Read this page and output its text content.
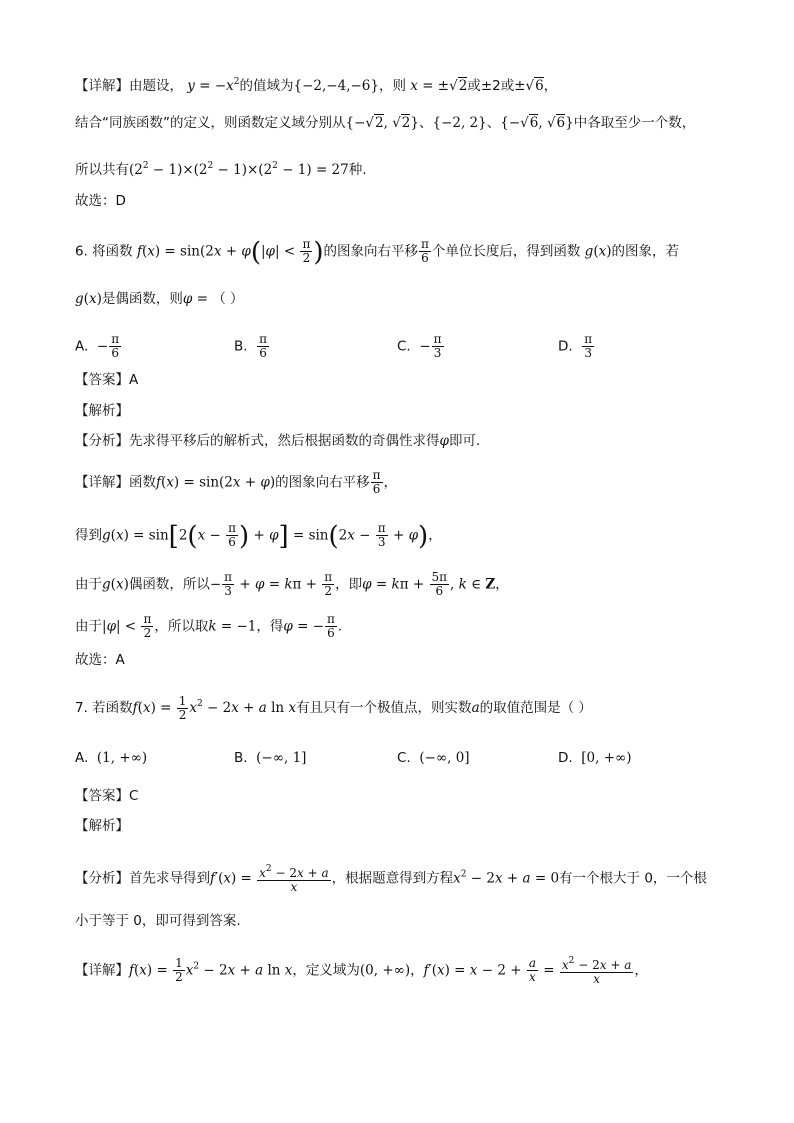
【详解】由题设， $y = -x^2$的值域为{−2,−4,−6}，则 x = ±√2或±2或±√6，
结合“同族函数”的定义，则函数定义域分别从{−√2, √2}、{−2, 2}、{−√6, √6}中各取至少一个数，
所以共有$(2^2 - 1)\times(2^2 - 1)\times(2^2 - 1) = 27$种.
故选：D
6. 将函数 $f(x) = \sin(2x + \varphi(|\varphi| < \frac{\pi}{2}$ )的图象向右平移 $\frac{\pi}{6}$ 个单位长度后，得到函数 g(x)的图象，若
g(x)是偶函数，则φ = （ ）
A. − $\frac{\pi}{6}$	B. $\frac{\pi}{6}$	C. − $\frac{\pi}{3}$	D. $\frac{\pi}{3}$
【答案】A
【解析】
【分析】先求得平移后的解析式，然后根据函数的奇偶性求得φ即可.
【详解】函数f(x) = sin(2x + φ)的图象向右平移 $\frac{\pi}{6}$ ，
得到$g(x) = \sin[2(x - \frac{\pi}{6}$ ) + $\varphi] = \sin(2x - \frac{\pi}{3} + \varphi)$，
由于g(x)偶函数，所以− $\frac{\pi}{3} + \varphi = k\pi + \frac{\pi}{2}$ ，即$\varphi = k\pi + \frac{5\pi}{6}$ , k ∈ Z，
由于$|\varphi| < \frac{\pi}{2}$ ，所以取k = −1，得φ = − $\frac{\pi}{6}$ .
故选：A
7. 若函数$f(x) = \frac{1}{2} x^2 - 2x + a$ ln x有且只有一个极值点，则实数a的取值范围是（ ）
A. (1, +∞)	B. (−∞, 1]	C. (−∞, 0]	D. [0, +∞)
【答案】C
【解析】
【分析】首先求导得到$f'(x) = \frac{x^2 - 2x + a}{x}$ ，根据题意得到方程$x^2 - 2x + a = 0$有一个根大于 0，一个根
小于等于 0，即可得到答案.
【详解】$f(x) = \frac{1}{2} x^2 - 2x + a$ ln x，定义域为(0, +∞)，$f'(x) = x - 2 + \frac{a}{x} = \frac{x^2 - 2x + a}{x}$ ，
